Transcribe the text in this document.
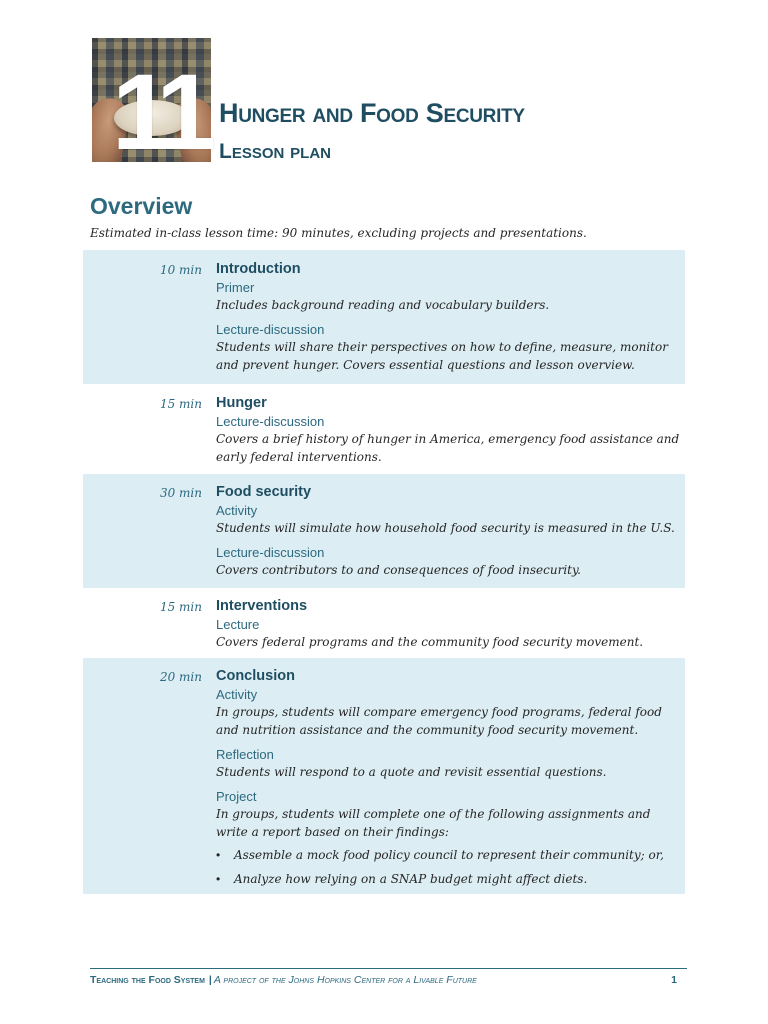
11 Hunger and Food Security
Lesson plan
Overview

Estimated in-class lesson time: 90 minutes, excluding projects and presentations.

10 min Introduction

Primer

Includes background reading and vocabulary builders.

Lecture-discussion

Students will share their perspectives on how to define, measure, monitor and prevent hunger. Covers essential questions and lesson overview.

15 min Hunger

Lecture-discussion

Covers a brief history of hunger in America, emergency food assistance and early federal interventions.

30 min Food security

Activity

Students will simulate how household food security is measured in the U.S.

Lecture-discussion

Covers contributors to and consequences of food insecurity.

15 min Interventions

Lecture

Covers federal programs and the community food security movement.

20 min Conclusion

Activity

In groups, students will compare emergency food programs, federal food and nutrition assistance and the community food security movement.

Reflection

Students will respond to a quote and revisit essential questions.

Project

In groups, students will complete one of the following assignments and write a report based on their findings:

• Assemble a mock food policy council to represent their community; or,
• Analyze how relying on a SNAP budget might affect diets.
Teaching the Food System | A project of the Johns Hopkins Center for a Livable Future	1
